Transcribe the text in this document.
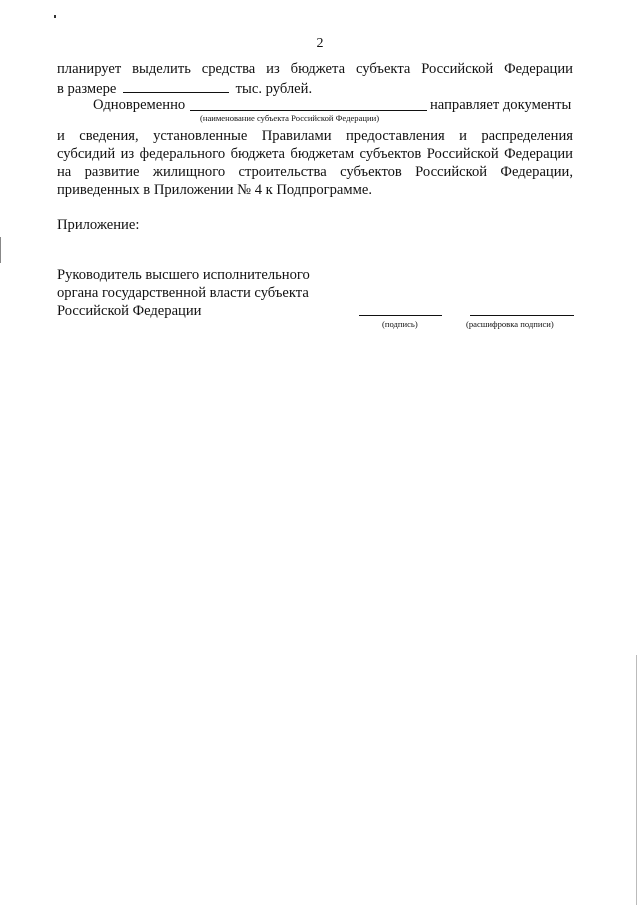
2
планирует выделить средства из бюджета субъекта Российской Федерации
в размере	тыс. рублей.
Одновременно	направляет документы
(наименование субъекта Российской Федерации)
и сведения, установленные Правилами предоставления и распределения
субсидий из федерального бюджета бюджетам субъектов Российской Федерации
на развитие жилищного строительства субъектов Российской Федерации,
приведенных в Приложении № 4 к Подпрограмме.
Приложение:
Руководитель высшего исполнительного
органа государственной власти субъекта
Российской Федерации
(подпись)	(расшифровка подписи)
